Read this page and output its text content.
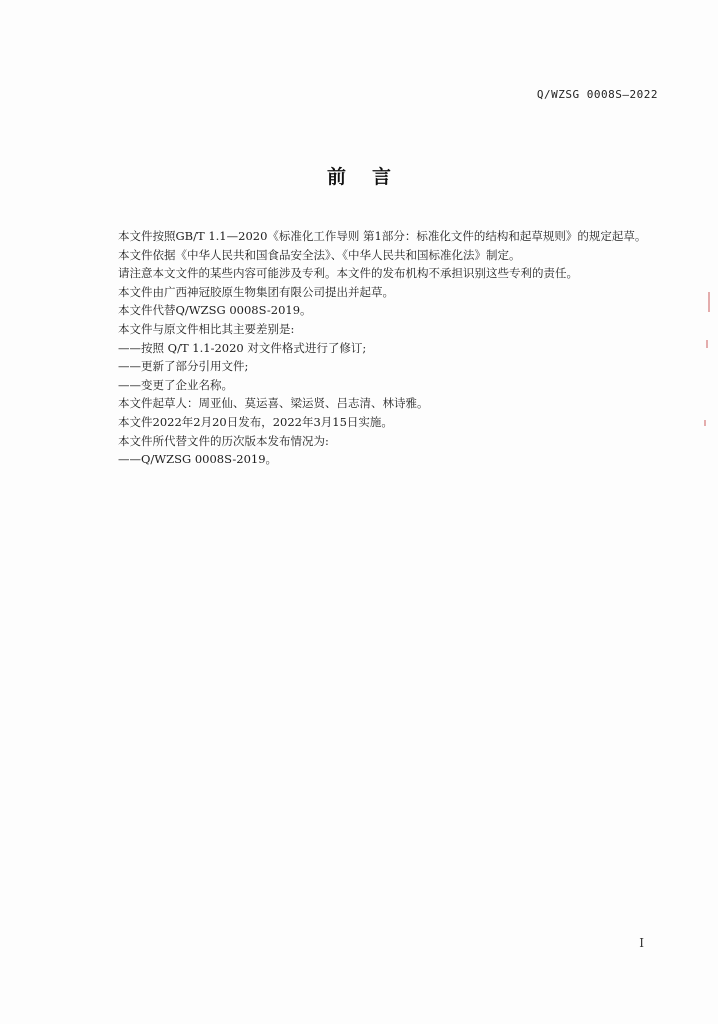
Q/WZSG 0008S—2022
前言

本文件按照GB/T 1.1—2020《标准化工作导则 第1部分：标准化文件的结构和起草规则》的规定起草。

本文件依据《中华人民共和国食品安全法》、《中华人民共和国标准化法》制定。

请注意本文文件的某些内容可能涉及专利。本文件的发布机构不承担识别这些专利的责任。

本文件由广西神冠胶原生物集团有限公司提出并起草。

本文件代替Q/WZSG 0008S-2019。

本文件与原文件相比其主要差别是:

——按照 Q/T 1.1-2020 对文件格式进行了修订;

——更新了部分引用文件;

——变更了企业名称。

本文件起草人：周亚仙、莫运喜、梁运贤、吕志清、林诗雅。

本文件2022年2月20日发布，2022年3月15日实施。

本文件所代替文件的历次版本发布情况为:

——Q/WZSG 0008S-2019。

I
